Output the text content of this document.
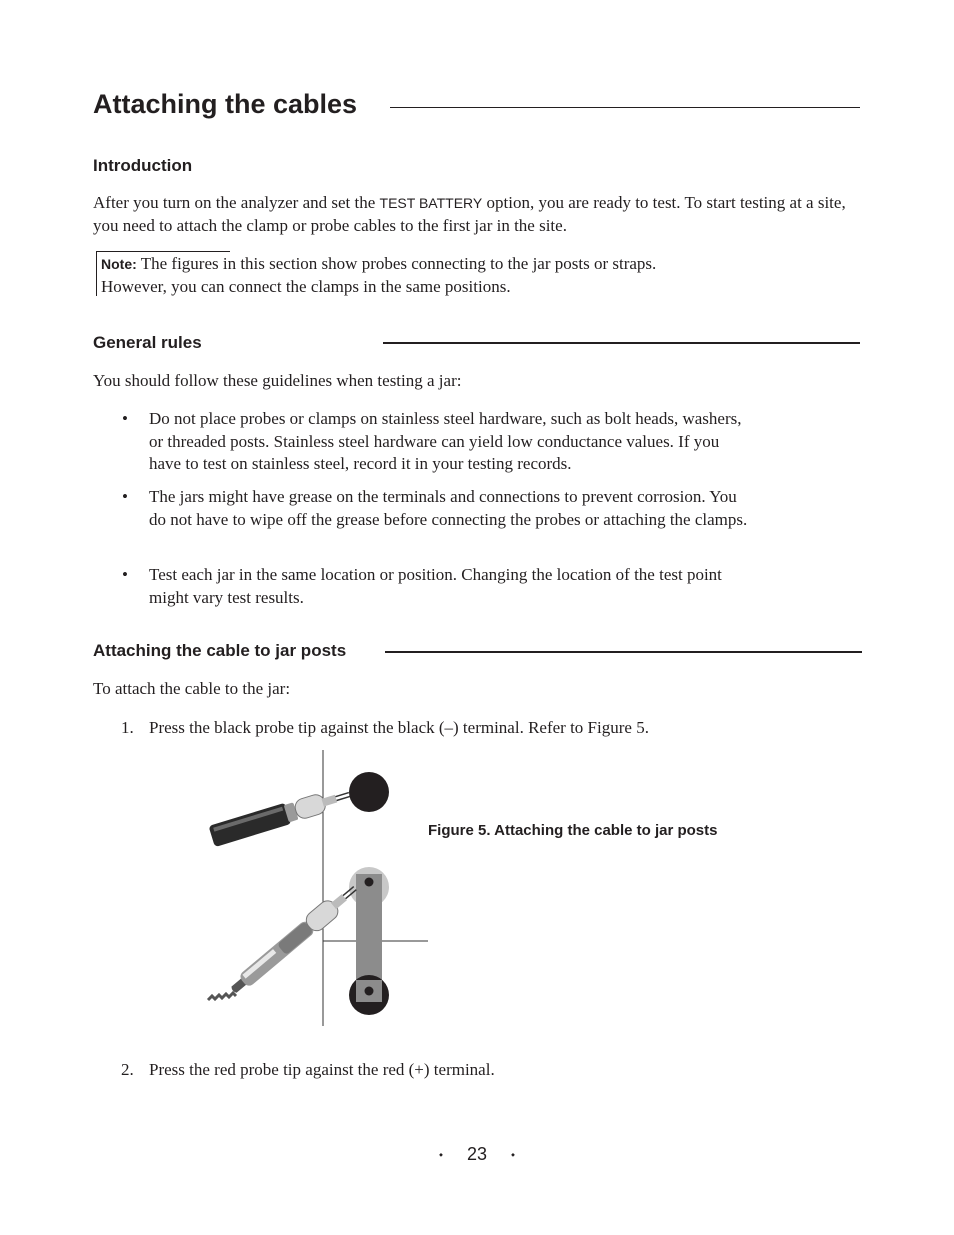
Attaching the cables
Introduction
After you turn on the analyzer and set the TEST BATTERY option, you are ready to test. To start testing at a site, you need to attach the clamp or probe cables to the first jar in the site.
Note: The figures in this section show probes connecting to the jar posts or straps. However, you can connect the clamps in the same positions.
General rules
You should follow these guidelines when testing a jar:
• Do not place probes or clamps on stainless steel hardware, such as bolt heads, washers, or threaded posts. Stainless steel hardware can yield low conductance values. If you have to test on stainless steel, record it in your testing records.
• The jars might have grease on the terminals and connections to prevent corrosion. You do not have to wipe off the grease before connecting the probes or attaching the clamps.
• Test each jar in the same location or position. Changing the location of the test point might vary test results.
Attaching the cable to jar posts
To attach the cable to the jar:
1. Press the black probe tip against the black (–) terminal. Refer to Figure 5.
Figure 5. Attaching the cable to jar posts
2. Press the red probe tip against the red (+) terminal.
⬩ 23 ⬩
